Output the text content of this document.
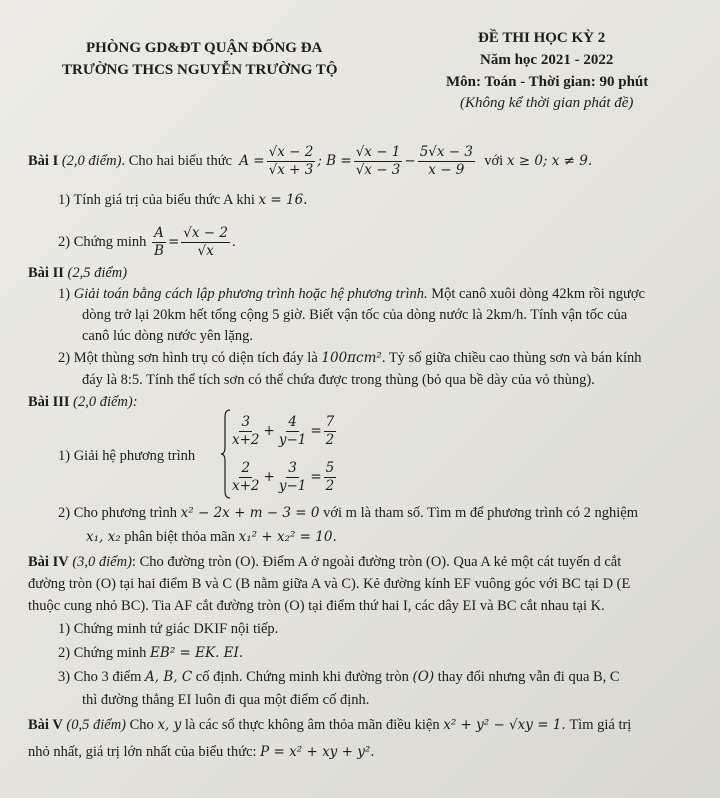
PHÒNG GD&ĐT QUẬN ĐỐNG ĐA
TRƯỜNG THCS NGUYỄN TRƯỜNG TỘ
ĐỀ THI HỌC KỲ 2
Năm học 2021 - 2022
Môn: Toán - Thời gian: 90 phút
(Không kể thời gian phát đề)
Bài I
(2,0 điểm) . Cho hai biểu thức
$A = \frac{√x - 2}{√x + 3}$ ; $B = \frac{√x - 1}{√x - 3} - \frac{5√x - 3}{x - 9}$
với
x ≥ 0; x ≠ 9.
1) Tính giá trị của biểu thức A khi x = 16.
2) Chứng minh
$\frac{A}{B} = \frac{√x - 2}{√x}$ .
Bài II (2,5 điểm)
1) Giải toán bằng cách lập phương trình hoặc hệ phương trình. Một canô xuôi dòng 42km rồi ngược
dòng trở lại 20km hết tổng cộng 5 giờ. Biết vận tốc của dòng nước là 2km/h. Tính vận tốc của
canô lúc dòng nước yên lặng.
2) Một thùng sơn hình trụ có diện tích đáy là 100πcm². Tỷ số giữa chiều cao thùng sơn và bán kính
đáy là 8:5. Tính thể tích sơn có thể chứa được trong thùng (bỏ qua bề dày của vỏ thùng).
Bài III (2,0 điểm):
1) Giải hệ phương trình
$\frac{3}{x+2} + \frac{4}{y-1} = \frac{7}{2}$
$\frac{2}{x+2} + \frac{3}{y-1} = \frac{5}{2}$
2) Cho phương trình x² − 2x + m − 3 = 0 với m là tham số. Tìm m để phương trình có 2 nghiệm
x₁, x₂ phân biệt thỏa mãn x₁² + x₂² = 10.
Bài IV (3,0 điểm): Cho đường tròn (O). Điểm A ở ngoài đường tròn (O). Qua A kẻ một cát tuyến d cắt
đường tròn (O) tại hai điểm B và C (B nằm giữa A và C). Kẻ đường kính EF vuông góc với BC tại D (E
thuộc cung nhỏ BC). Tia AF cắt đường tròn (O) tại điểm thứ hai I, các dây EI và BC cắt nhau tại K.
1) Chứng minh tứ giác DKIF nội tiếp.
2) Chứng minh EB² = EK. EI.
3) Cho 3 điểm A, B, C cố định. Chứng minh khi đường tròn (O) thay đổi nhưng vẫn đi qua B, C
thì đường thẳng EI luôn đi qua một điểm cố định.
Bài V (0,5 điểm) Cho x, y là các số thực không âm thỏa mãn điều kiện x² + y² − √xy = 1. Tìm giá trị
nhỏ nhất, giá trị lớn nhất của biểu thức: P = x² + xy + y².
